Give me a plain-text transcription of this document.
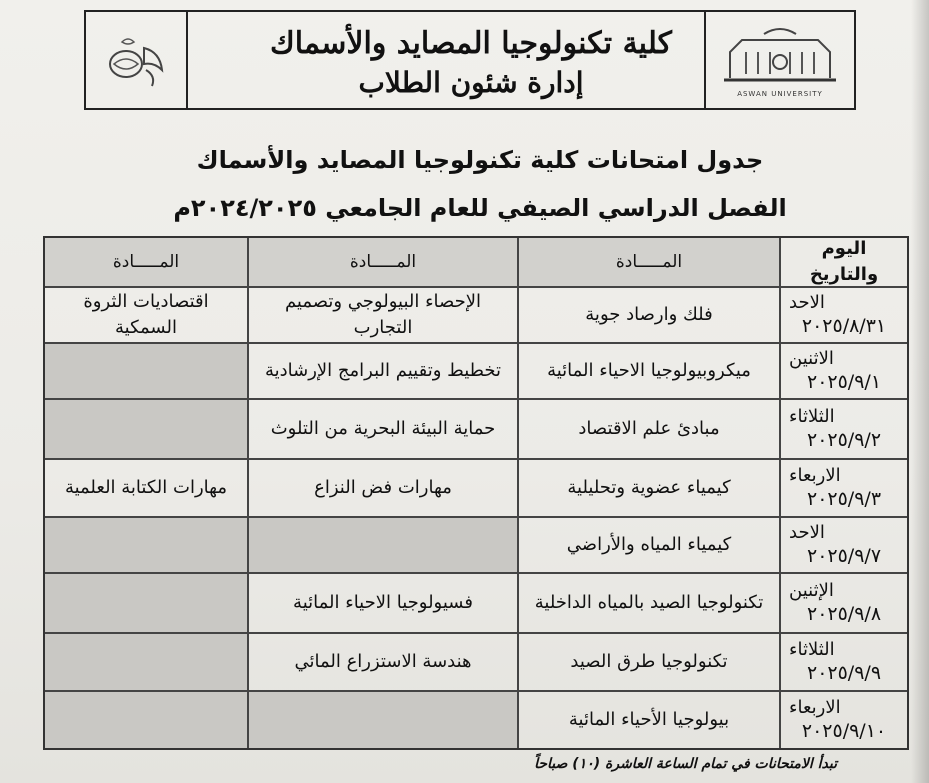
كلية تكنولوجيا المصايد والأسماك
إدارة شئون الطلاب	ASWAN UNIVERSITY
جدول امتحانات كلية تكنولوجيا المصايد والأسماك
الفصل الدراسي الصيفي للعام الجامعي ٢٠٢٤/٢٠٢٥م
اليوم والتاريخ
المـــــادة
المـــــادة
المـــــادة
الاحد
٢٠٢٥/٨/٣١
فلك وارصاد جوية
الإحصاء البيولوجي وتصميم التجارب
اقتصاديات الثروة السمكية
الاثنين
٢٠٢٥/٩/١
ميكروبيولوجيا الاحياء المائية
تخطيط وتقييم البرامج الإرشادية
الثلاثاء
٢٠٢٥/٩/٢
مبادئ علم الاقتصاد
حماية البيئة البحرية من التلوث
الاربعاء
٢٠٢٥/٩/٣
كيمياء عضوية وتحليلية
مهارات فض النزاع
مهارات الكتابة العلمية
الاحد
٢٠٢٥/٩/٧
كيمياء المياه والأراضي
الإثنين
٢٠٢٥/٩/٨
تكنولوجيا الصيد بالمياه الداخلية
فسيولوجيا الاحياء المائية
الثلاثاء
٢٠٢٥/٩/٩
تكنولوجيا طرق الصيد
هندسة الاستزراع المائي
الاربعاء
٢٠٢٥/٩/١٠
بيولوجيا الأحياء المائية
تبدأ الامتحانات في تمام الساعة العاشرة (١٠) صباحاً
